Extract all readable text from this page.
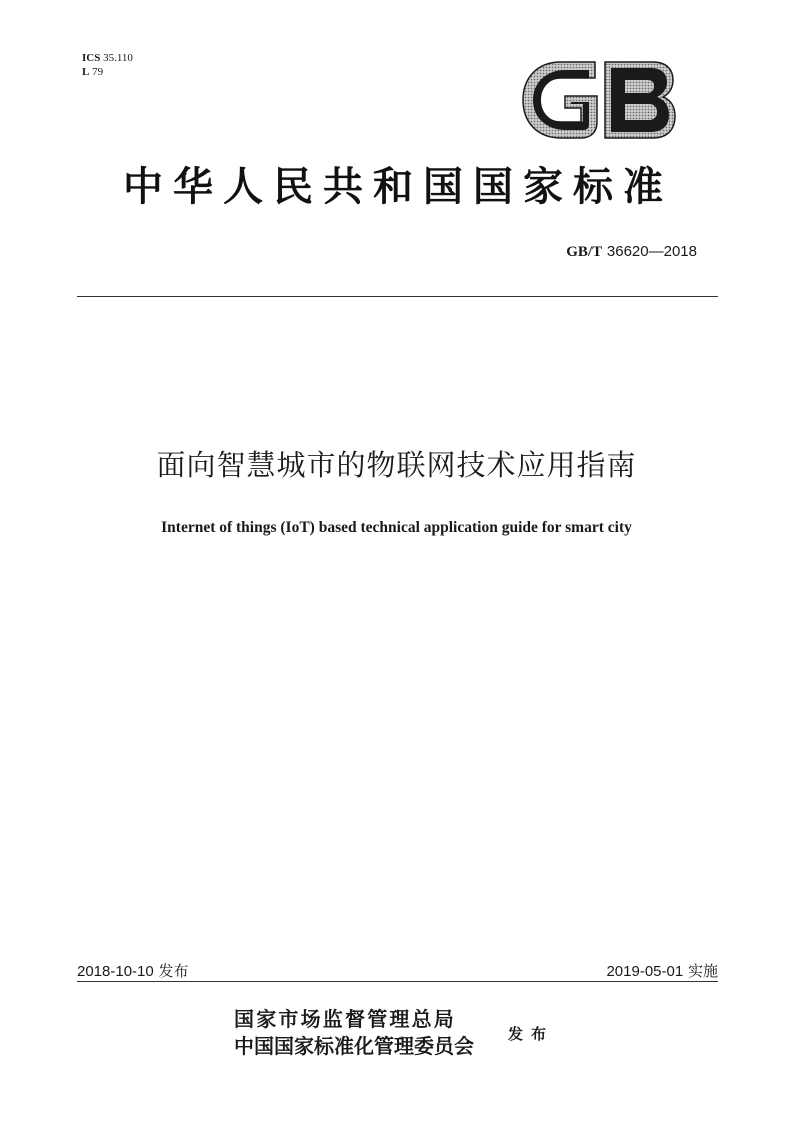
ICS 35.110
L 79
中华人民共和国国家标准
GB/T 36620—2018
面向智慧城市的物联网技术应用指南
Internet of things (IoT) based technical application guide for smart city
2018-10-10 发布	2019-05-01 实施
国家市场监督管理总局
中国国家标准化管理委员会 发布
